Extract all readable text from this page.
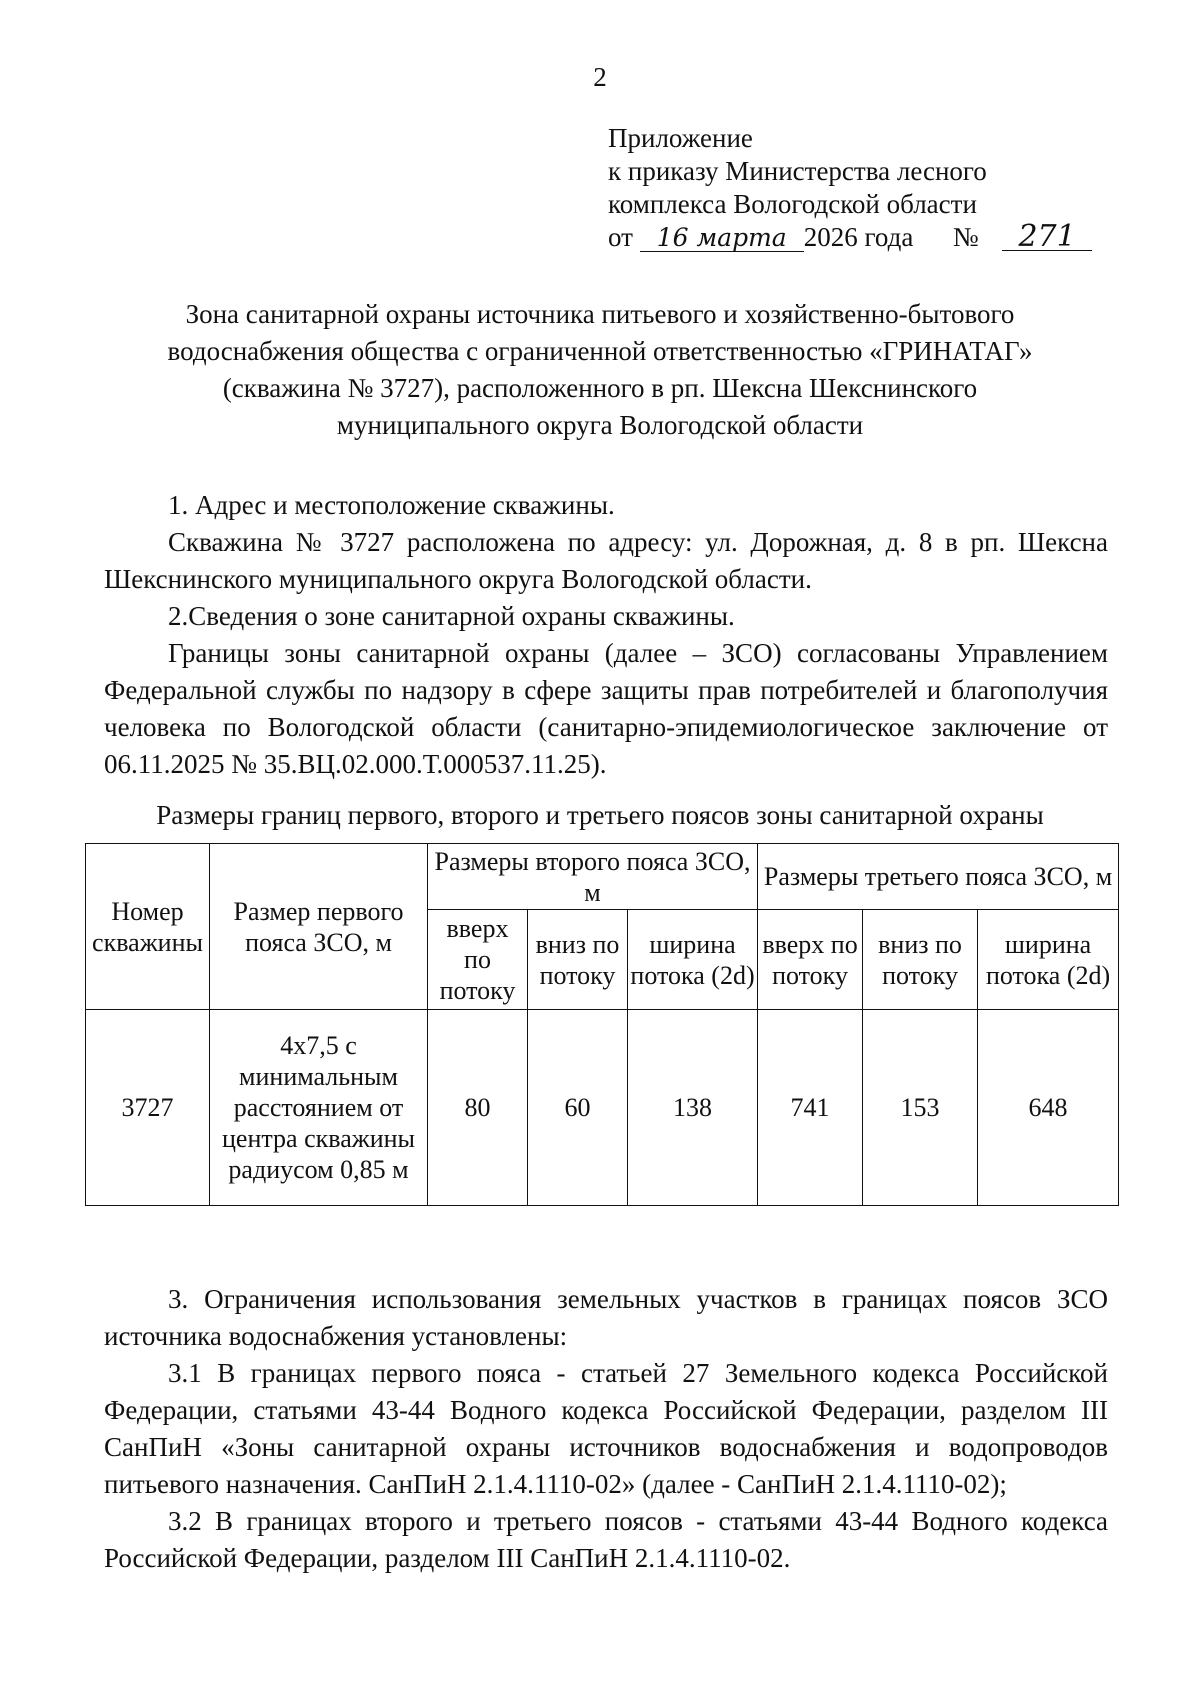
2
Приложение
к приказу Министерства лесного
комплекса Вологодской области
от 16 марта 2026 года № 271
Зона санитарной охраны источника питьевого и хозяйственно-бытового
водоснабжения общества с ограниченной ответственностью «ГРИНАТАГ»
(скважина № 3727), расположенного в рп. Шексна Шекснинского
муниципального округа Вологодской области
1. Адрес и местоположение скважины.
Скважина № 3727 расположена по адресу: ул. Дорожная, д. 8 в рп. Шексна Шекснинского муниципального округа Вологодской области.
2.Сведения о зоне санитарной охраны скважины.
Границы зоны санитарной охраны (далее – ЗСО) согласованы Управлением Федеральной службы по надзору в сфере защиты прав потребителей и благополучия человека по Вологодской области (санитарно-эпидемиологическое заключение от 06.11.2025 № 35.ВЦ.02.000.Т.000537.11.25).
Размеры границ первого, второго и третьего поясов зоны санитарной охраны
Номер скважины	Размер первого пояса ЗСО, м	Размеры второго пояса ЗСО, м			Размеры третьего пояса ЗСО, м		
		вверх по потоку	вниз по потоку	ширина потока (2d)	вверх по потоку	вниз по потоку	ширина потока (2d)
3727	4х7,5 с минимальным расстоянием от центра скважины радиусом 0,85 м	80	60	138	741	153	648
3. Ограничения использования земельных участков в границах поясов ЗСО источника водоснабжения установлены:
3.1 В границах первого пояса - статьей 27 Земельного кодекса Российской Федерации, статьями 43-44 Водного кодекса Российской Федерации, разделом III СанПиН «Зоны санитарной охраны источников водоснабжения и водопроводов питьевого назначения. СанПиН 2.1.4.1110-02» (далее - СанПиН 2.1.4.1110-02);
3.2 В границах второго и третьего поясов - статьями 43-44 Водного кодекса Российской Федерации, разделом III СанПиН 2.1.4.1110-02.
